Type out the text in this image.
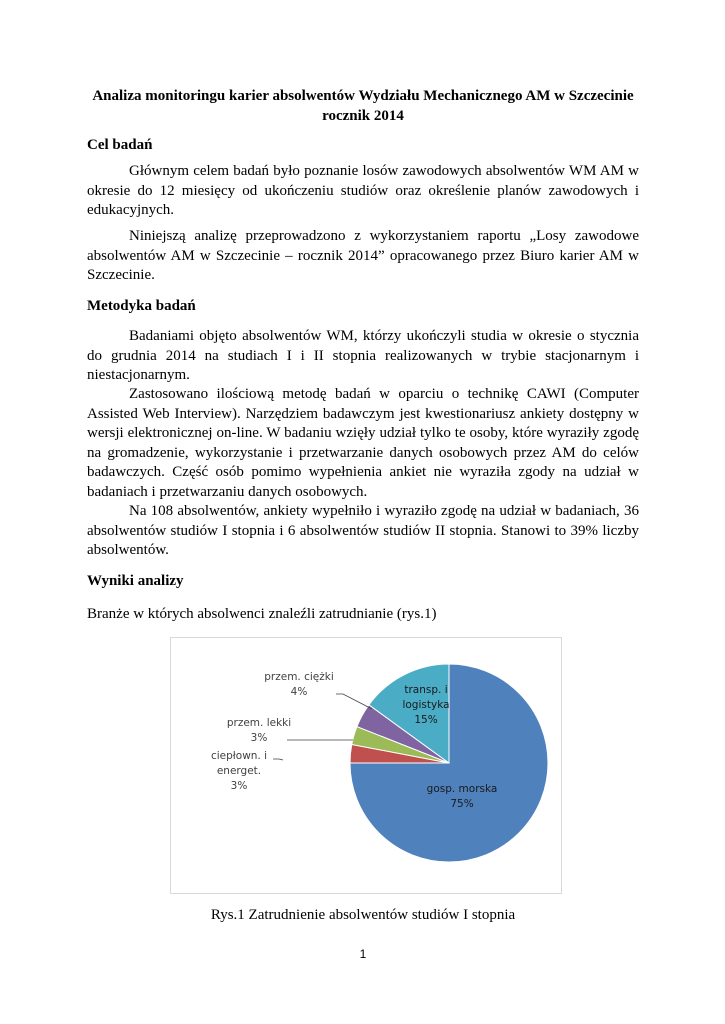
Analiza monitoringu karier absolwentów Wydziału Mechanicznego AM w Szczecinie
rocznik 2014
Cel badań
Głównym celem badań było poznanie losów zawodowych absolwentów WM AM w okresie do 12 miesięcy od ukończeniu studiów oraz określenie planów zawodowych i edukacyjnych.
Niniejszą analizę przeprowadzono z wykorzystaniem raportu „Losy zawodowe absolwentów AM w Szczecinie – rocznik 2014” opracowanego przez Biuro karier AM w Szczecinie.
Metodyka badań
Badaniami objęto absolwentów WM, którzy ukończyli studia w okresie o stycznia do grudnia 2014 na studiach I i II stopnia realizowanych w trybie stacjonarnym i niestacjonarnym.
Zastosowano ilościową metodę badań w oparciu o technikę CAWI (Computer Assisted Web Interview). Narzędziem badawczym jest kwestionariusz ankiety dostępny w wersji elektronicznej on-line. W badaniu wzięły udział tylko te osoby, które wyraziły zgodę na gromadzenie, wykorzystanie i przetwarzanie danych osobowych przez AM do celów badawczych. Część osób pomimo wypełnienia ankiet nie wyraziła zgody na udział w badaniach i przetwarzaniu danych osobowych.
Na 108 absolwentów, ankiety wypełniło i wyraziło zgodę na udział w badaniach, 36 absolwentów studiów I stopnia i 6 absolwentów studiów II stopnia. Stanowi to 39% liczby absolwentów.
Wyniki analizy
Branże w których absolwenci znaleźli zatrudnianie (rys.1)
gosp. morska 75%
ciepłown. i energet. 3%
przem. lekki 3%
przem. ciężki 4%	transp. i logistyka 15%
Rys.1 Zatrudnienie absolwentów studiów I stopnia
1
